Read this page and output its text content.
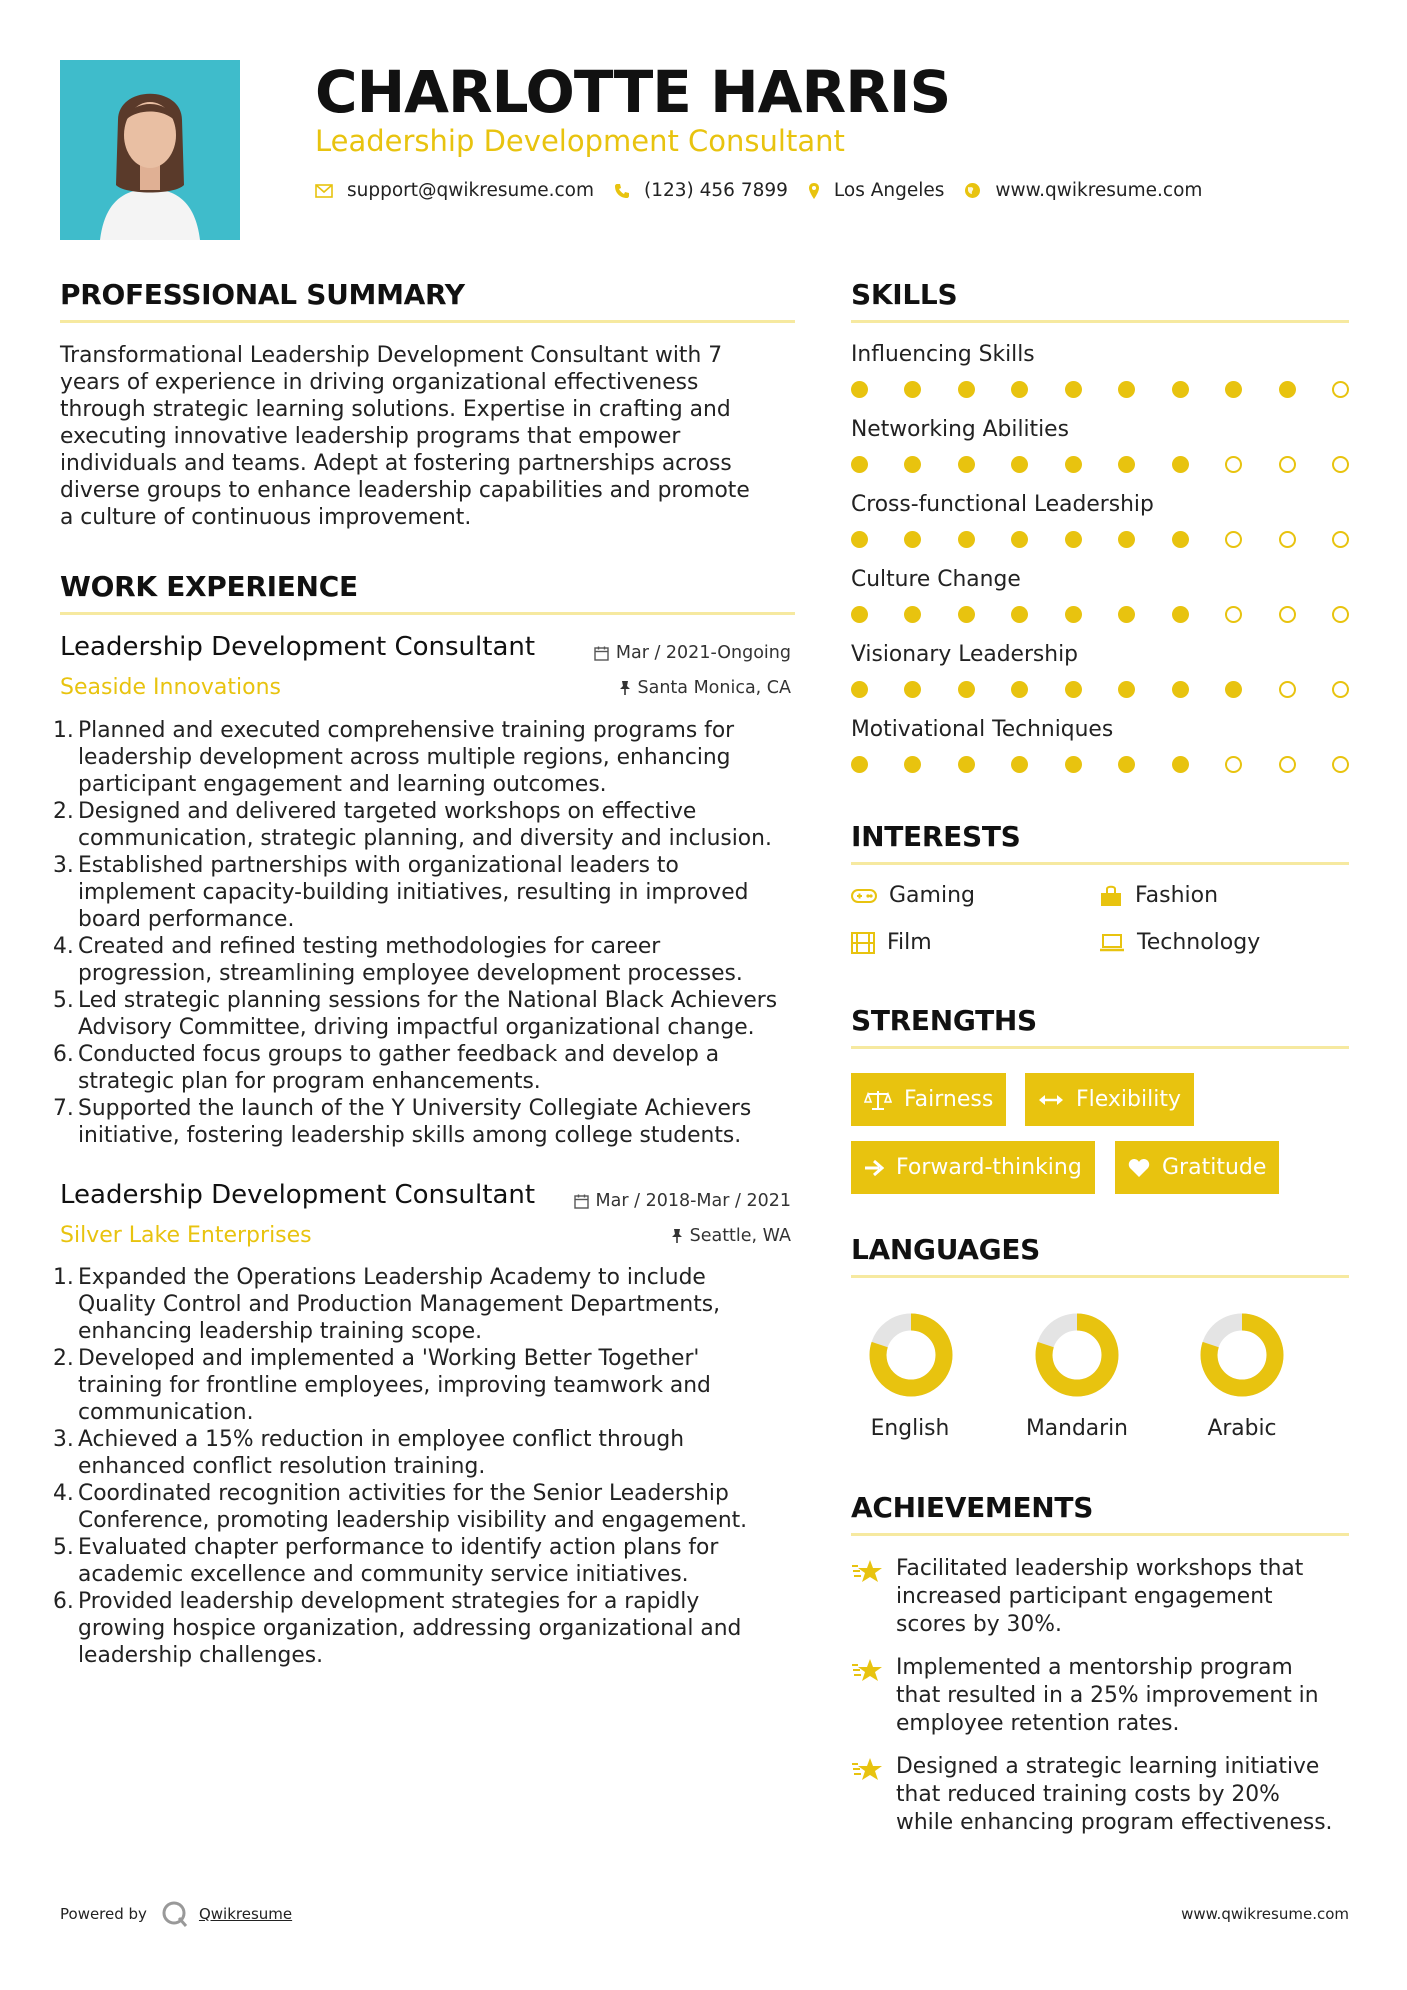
CHARLOTTE HARRIS
Leadership Development Consultant
support@qwikresume.com	(123) 456 7899 Los Angeles	www.qwikresume.com
PROFESSIONAL SUMMARY
Transformational Leadership Development Consultant with 7
years of experience in driving organizational effectiveness
through strategic learning solutions. Expertise in crafting and
executing innovative leadership programs that empower
individuals and teams. Adept at fostering partnerships across
diverse groups to enhance leadership capabilities and promote
a culture of continuous improvement.
WORK EXPERIENCE
Leadership Development Consultant	Mar / 2021-Ongoing
Seaside Innovations	Santa Monica, CA
1. Planned and executed comprehensive training programs for
leadership development across multiple regions, enhancing
participant engagement and learning outcomes.
2. Designed and delivered targeted workshops on effective
communication, strategic planning, and diversity and inclusion.
3. Established partnerships with organizational leaders to
implement capacity-building initiatives, resulting in improved
board performance.
4. Created and refined testing methodologies for career
progression, streamlining employee development processes.
5. Led strategic planning sessions for the National Black Achievers
Advisory Committee, driving impactful organizational change.
6. Conducted focus groups to gather feedback and develop a
strategic plan for program enhancements.
7. Supported the launch of the Y University Collegiate Achievers
initiative, fostering leadership skills among college students.
Leadership Development Consultant	Mar / 2018-Mar / 2021
Silver Lake Enterprises	Seattle, WA
1. Expanded the Operations Leadership Academy to include
Quality Control and Production Management Departments,
enhancing leadership training scope.
2. Developed and implemented a 'Working Better Together'
training for frontline employees, improving teamwork and
communication.
3. Achieved a 15% reduction in employee conflict through
enhanced conflict resolution training.
4. Coordinated recognition activities for the Senior Leadership
Conference, promoting leadership visibility and engagement.
5. Evaluated chapter performance to identify action plans for
academic excellence and community service initiatives.
6. Provided leadership development strategies for a rapidly
growing hospice organization, addressing organizational and
leadership challenges.
SKILLS
Influencing Skills
Networking Abilities
Cross-functional Leadership
Culture Change
Visionary Leadership
Motivational Techniques
INTERESTS
Gaming	Fashion
Film	Technology
STRENGTHS
Fairness	Flexibility
Forward-thinking	Gratitude
LANGUAGES
English	Mandarin	Arabic
ACHIEVEMENTS
Facilitated leadership workshops that
increased participant engagement
scores by 30%.
Implemented a mentorship program
that resulted in a 25% improvement in
employee retention rates.
Designed a strategic learning initiative
that reduced training costs by 20%
while enhancing program effectiveness.
Powered by	Qwikresume	www.qwikresume.com
